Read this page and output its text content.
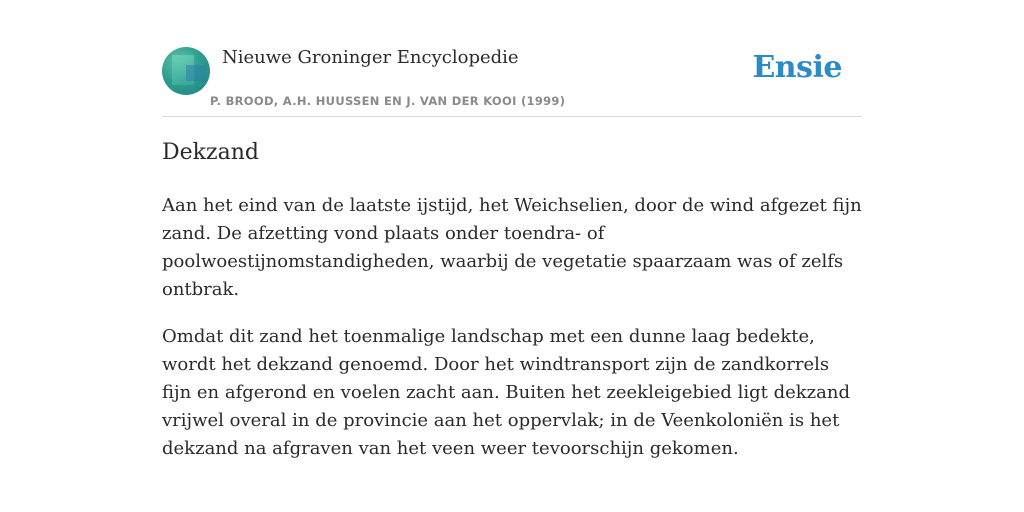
Nieuwe Groninger Encyclopedie
P. BROOD, A.H. HUUSSEN EN J. VAN DER KOOI (1999)
Ensie
Dekzand

Aan het eind van de laatste ijstijd, het Weichselien, door de wind afgezet fijn zand. De afzetting vond plaats onder toendra- of poolwoestijnomstandigheden, waarbij de vegetatie spaarzaam was of zelfs ontbrak.

Omdat dit zand het toenmalige landschap met een dunne laag bedekte, wordt het dekzand genoemd. Door het windtransport zijn de zandkorrels fijn en afgerond en voelen zacht aan. Buiten het zeekleigebied ligt dekzand vrijwel overal in de provincie aan het oppervlak; in de Veenkoloniën is het dekzand na afgraven van het veen weer tevoorschijn gekomen.
